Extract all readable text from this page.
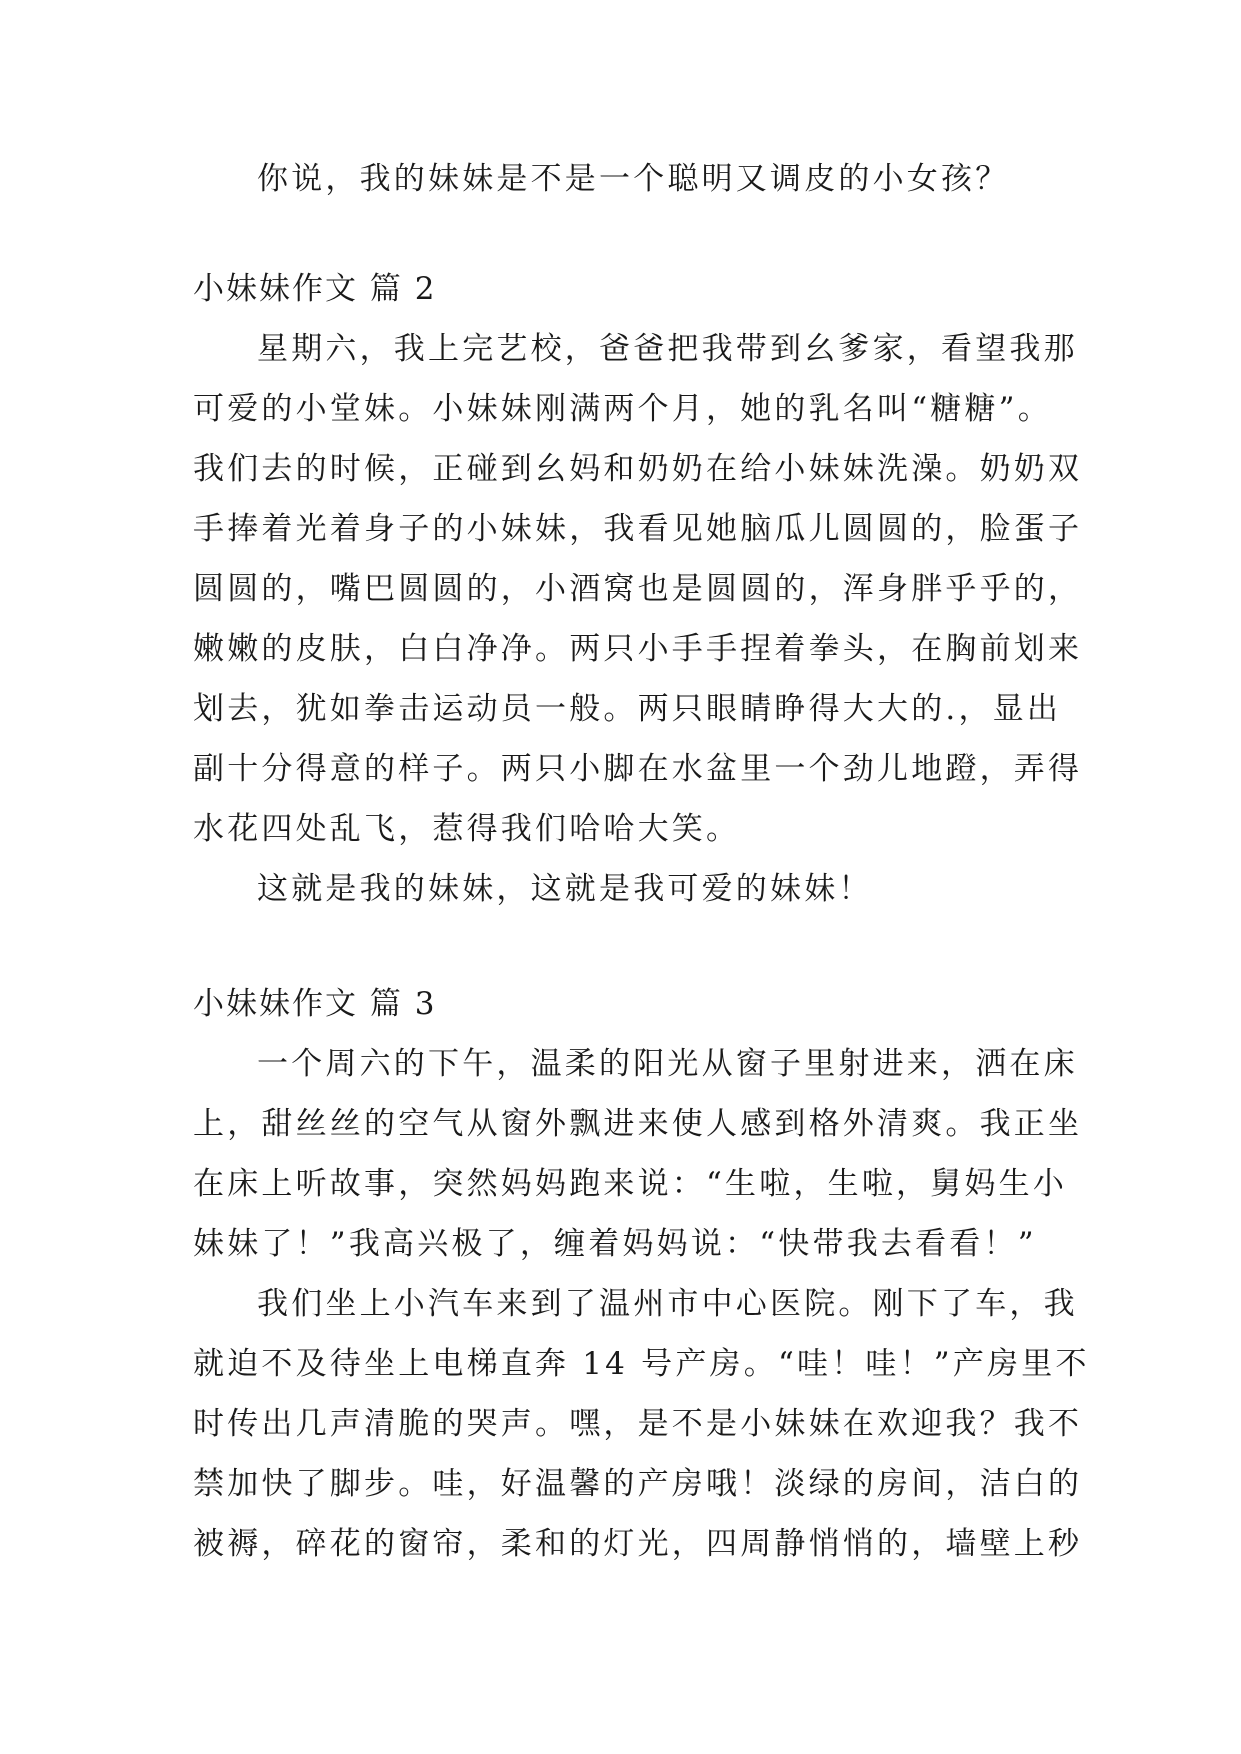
你说，我的妹妹是不是一个聪明又调皮的小女孩？
小妹妹作文 篇 2
星期六，我上完艺校，爸爸把我带到幺爹家，看望我那
可爱的小堂妹。小妹妹刚满两个月，她的乳名叫“糖糖”。
我们去的时候，正碰到幺妈和奶奶在给小妹妹洗澡。奶奶双
手捧着光着身子的小妹妹，我看见她脑瓜儿圆圆的，脸蛋子
圆圆的，嘴巴圆圆的，小酒窝也是圆圆的，浑身胖乎乎的，
嫩嫩的皮肤，白白净净。两只小手手捏着拳头，在胸前划来
划去，犹如拳击运动员一般。两只眼睛睁得大大的.，显出
副十分得意的样子。两只小脚在水盆里一个劲儿地蹬，弄得
水花四处乱飞，惹得我们哈哈大笑。
这就是我的妹妹，这就是我可爱的妹妹！
小妹妹作文 篇 3
一个周六的下午，温柔的阳光从窗子里射进来，洒在床
上，甜丝丝的空气从窗外飘进来使人感到格外清爽。我正坐
在床上听故事，突然妈妈跑来说：“生啦，生啦，舅妈生小
妹妹了！”我高兴极了，缠着妈妈说：“快带我去看看！”
我们坐上小汽车来到了温州市中心医院。刚下了车，我
就迫不及待坐上电梯直奔 14 号产房。“哇！哇！”产房里不
时传出几声清脆的哭声。嘿，是不是小妹妹在欢迎我？我不
禁加快了脚步。哇，好温馨的产房哦！淡绿的房间，洁白的
被褥，碎花的窗帘，柔和的灯光，四周静悄悄的，墙壁上秒
